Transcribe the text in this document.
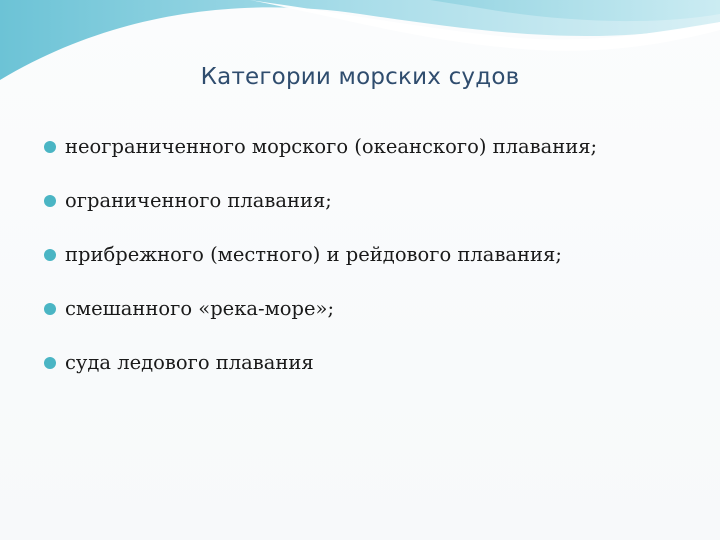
Категории морских судов
неограниченного морского (океанского) плавания;
ограниченного плавания;
прибрежного (местного) и рейдового плавания;
смешанного «река-море»;
суда ледового плавания
